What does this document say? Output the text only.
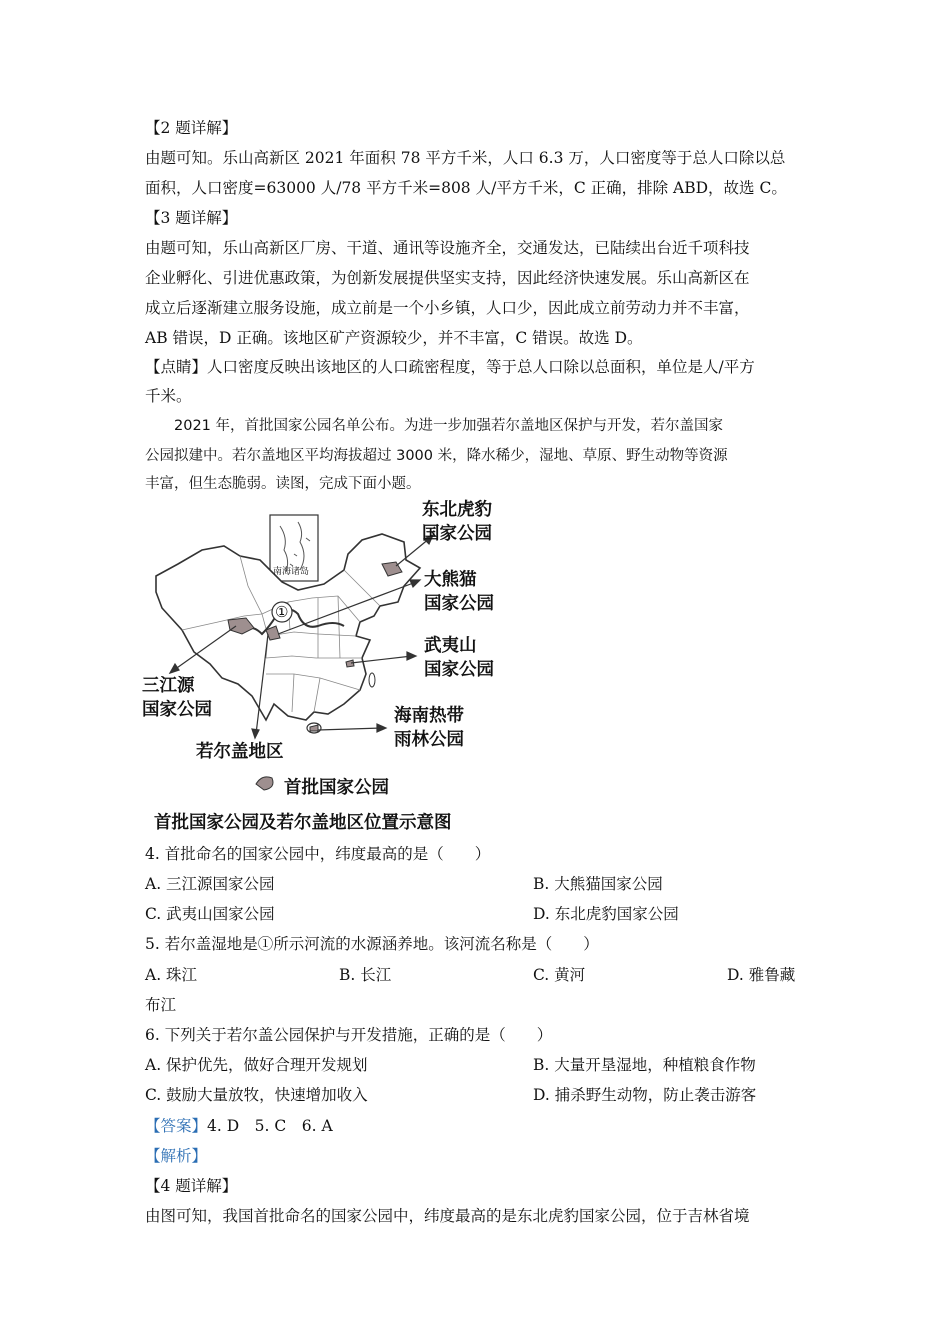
【2 题详解】
由题可知。乐山高新区 2021 年面积 78 平方千米，人口 6.3 万，人口密度等于总人口除以总
面积，人口密度=63000 人/78 平方千米=808 人/平方千米，C 正确，排除 ABD，故选 C。
【3 题详解】
由题可知，乐山高新区厂房、干道、通讯等设施齐全，交通发达，已陆续出台近千项科技
企业孵化、引进优惠政策，为创新发展提供坚实支持，因此经济快速发展。乐山高新区在
成立后逐渐建立服务设施，成立前是一个小乡镇，人口少，因此成立前劳动力并不丰富，
AB 错误，D 正确。该地区矿产资源较少，并不丰富，C 错误。故选 D。
【点睛】人口密度反映出该地区的人口疏密程度，等于总人口除以总面积，单位是人/平方
千米。
2021 年，首批国家公园名单公布。为进一步加强若尔盖地区保护与开发，若尔盖国家
公园拟建中。若尔盖地区平均海拔超过 3000 米，降水稀少，湿地、草原、野生动物等资源
丰富，但生态脆弱。读图，完成下面小题。
东北虎豹
国家公园
大熊猫
国家公园
武夷山
国家公园
三江源
国家公园	海南热带
雨林公园
若尔盖地区
①
南海诸岛
首批国家公园
首批国家公园及若尔盖地区位置示意图
4. 首批命名的国家公园中，纬度最高的是（　　）
A. 三江源国家公园	B. 大熊猫国家公园
C. 武夷山国家公园	D. 东北虎豹国家公园
5. 若尔盖湿地是①所示河流的水源涵养地。该河流名称是（　　）
A. 珠江	B. 长江	C. 黄河	D. 雅鲁藏
布江
6. 下列关于若尔盖公园保护与开发措施，正确的是（　　）
A. 保护优先，做好合理开发规划	B. 大量开垦湿地，种植粮食作物
C. 鼓励大量放牧，快速增加收入	D. 捕杀野生动物，防止袭击游客
【答案】4. D　5. C　6. A
【解析】
【4 题详解】
由图可知，我国首批命名的国家公园中，纬度最高的是东北虎豹国家公园，位于吉林省境
